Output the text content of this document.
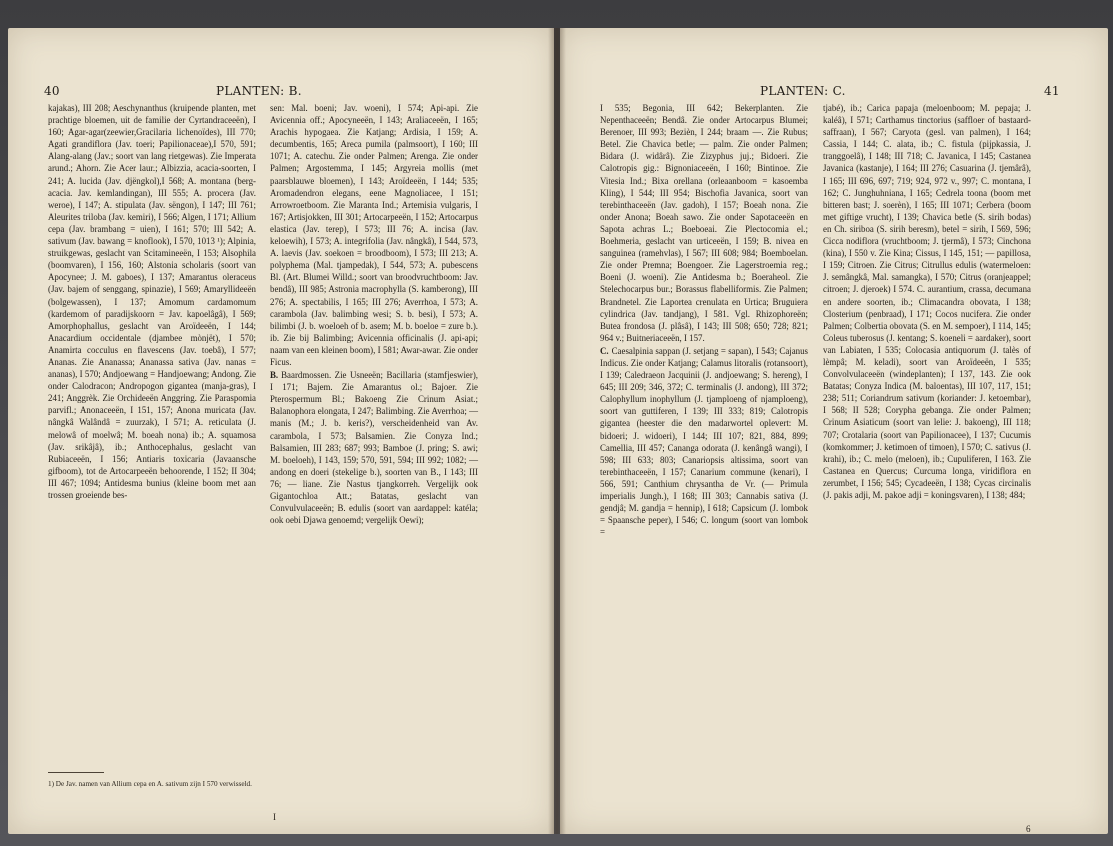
40	PLANTEN: B.

kajakas), III 208; Aeschynanthus (kruipende planten, met prachtige bloemen, uit de familie der Cyrtandraceeën), I 160; Agar-agar(zeewier,Gracilaria lichenoïdes), III 770; Agati grandiflora (Jav. toeri; Papilionaceae),I 570, 591; Alang-alang (Jav.; soort van lang rietgewas). Zie Imperata arund.; Ahorn. Zie Acer laur.; Albizzia, acacia-soorten, I 241; A. lucida (Jav. djëngkol),I 568; A. montana (berg-acacia. Jav. kemlandingan), III 555; A. procera (Jav. weroe), I 147; A. stipulata (Jav. sëngon), I 147; III 761; Aleurites triloba (Jav. kemiri), I 566; Algen, I 171; Allium cepa (Jav. brambang = uien), I 161; 570; III 542; A. sativum (Jav. bawang = knoflook), I 570, 1013 ¹); Alpinia, struikgewas, geslacht van Scitamineeën, I 153; Alsophila (boomvaren), I 156, 160; Alstonia scholaris (soort van Apocynee; J. M. gaboes), I 137; Amarantus oleraceus (Jav. bajem of senggang, spinazie), I 569; Amaryllideeën (bolgewassen), I 137; Amomum cardamomum (kardemom of paradijskoorn = Jav. kapoelâgâ), I 569; Amorphophallus, geslacht van Aroïdeeën, I 144; Anacardium occidentale (djambee mònjët), I 570; Anamirta cocculus en flavescens (Jav. toebâ), I 577; Ananas. Zie Ananassa; Ananassa sativa (Jav. nanas = ananas), I 570; Andjoewang = Handjoewang; Andong. Zie onder Calodracon; Andropogon gigantea (manja-gras), I 241; Anggrèk. Zie Orchideeën Anggring. Zie Paraspomia parvifl.; Anonaceeën, I 151, 157; Anona muricata (Jav. nângkâ Walândâ = zuurzak), I 571; A. reticulata (J. melowâ of moelwâ; M. boeah nona) ib.; A. squamosa (Jav. srikâjâ), ib.; Anthocephalus, geslacht van Rubiaceeën, I 156; Antiaris toxicaria (Javaansche gifboom), tot de Artocarpeeën behoorende, I 152; II 304; III 467; 1094; Antidesma bunius (kleine boom met aan trossen groeiende bes-

1) De Jav. namen van Allium cepa en A. sativum zijn I 570 verwisseld.

sen: Mal. boeni; Jav. woeni), I 574; Api-api. Zie Avicennia off.; Apocyneeën, I 143; Araliaceeën, I 165; Arachis hypogaea. Zie Katjang; Ardisia, I 159; A. decumbentis, 165; Areca pumila (palmsoort), I 160; III 1071; A. catechu. Zie onder Palmen; Arenga. Zie onder Palmen; Argostemma, I 145; Argyreia mollis (met paarsblauwe bloemen), I 143; Aroïdeeën, I 144; 535; Aromadendron elegans, eene Magnoliacee, I 151; Arrowroetboom. Zie Maranta Ind.; Artemisia vulgaris, I 167; Artisjokken, III 301; Artocarpeeën, I 152; Artocarpus elastica (Jav. terep), I 573; III 76; A. incisa (Jav. keloewih), I 573; A. integrifolia (Jav. nângkâ), I 544, 573, A. laevis (Jav. soekoen = broodboom), I 573; III 213; A. polyphema (Mal. tjampedak), I 544, 573; A. pubescens Bl. (Art. Blumei Willd.; soort van broodvruchtboom: Jav. bendâ), III 985; Astronia macrophylla (S. kamberong), III 276; A. spectabilis, I 165; III 276; Averrhoa, I 573; A. carambola (Jav. balimbing wesi; S. b. besi), I 573; A. bilimbi (J. b. woeloeh of b. asem; M. b. boeloe = zure b.). ib. Zie bij Balimbing; Avicennia officinalis (J. api-api; naam van een kleinen boom), I 581; Awar-awar. Zie onder Ficus.

B. Baardmossen. Zie Usneeën; Bacillaria (stamfjeswier), I 171; Bajem. Zie Amarantus ol.; Bajoer. Zie Pterospermum Bl.; Bakoeng Zie Crinum Asiat.; Balanophora elongata, I 247; Balimbing. Zie Averrhoa; — manis (M.; J. b. keris?), verscheidenheid van Av. carambola, I 573; Balsamien. Zie Conyza Ind.; Balsamien, III 283; 687; 993; Bamboe (J. pring; S. awi; M. boeloeh), I 143, 159; 570, 591, 594; III 992; 1082; — andong en doeri (stekelige b.), soorten van B., I 143; III 76; — liane. Zie Nastus tjangkorreh. Vergelijk ook Gigantochloa Att.; Batatas, geslacht van Convulvulaceeën; B. edulis (soort van aardappel: katéla; ook oebi Djawa genoemd; vergelijk Oewi);

I
PLANTEN: C.	41

I 535; Begonia, III 642; Bekerplanten. Zie Nepenthaceeën; Bendâ. Zie onder Artocarpus Blumei; Berenoer, III 993; Bezièn, I 244; braam —. Zie Rubus; Betel. Zie Chavica betle; — palm. Zie onder Palmen; Bidara (J. widârâ). Zie Zizyphus juj.; Bidoeri. Zie Calotropis gig.: Bignoniaceeën, I 160; Bintinoe. Zie Vitesia Ind.; Bixa orellana (orleaanboom = kasoemba Kling), I 544; III 954; Bischofia Javanica, soort van terebinthaceeën (Jav. gadoh), I 157; Boeah nona. Zie onder Anona; Boeah sawo. Zie onder Sapotaceeën en Sapota achras L.; Boeboeai. Zie Plectocomia el.; Boehmeria, geslacht van urticeeën, I 159; B. nivea en sanguinea (ramehvlas), I 567; III 608; 984; Boemboelan. Zie onder Premna; Boengoer. Zie Lagerstroemia reg.; Boeni (J. woeni). Zie Antidesma b.; Boeraheol. Zie Stelechocarpus bur.; Borassus flabelliformis. Zie Palmen; Brandnetel. Zie Laportea crenulata en Urtica; Bruguiera cylindrica (Jav. tandjang), I 581. Vgl. Rhizophoreën; Butea frondosa (J. plâsâ), I 143; III 508; 650; 728; 821; 964 v.; Buitneriaceeën, I 157.

C. Caesalpinia sappan (J. setjang = sapan), I 543; Cajanus Indicus. Zie onder Katjang; Calamus litoralis (rotansoort), I 139; Caledraeon Jacquinii (J. andjoewang; S. hereng), I 645; III 209; 346, 372; C. terminalis (J. andong), III 372; Calophyllum inophyllum (J. tjamploeng of njamploeng), soort van guttiferen, I 139; III 333; 819; Calotropis gigantea (heester die den madarwortel oplevert: M. bidoeri; J. widoeri), I 144; III 107; 821, 884, 899; Camellia, III 457; Cananga odorata (J. kenângâ wangi), I 598; III 633; 803; Canariopsis altissima, soort van terebinthaceeën, I 157; Canarium commune (kenari), I 566, 591; Canthium chrysantha de Vr. (— Primula imperialis Jungh.), I 168; III 303; Cannabis sativa (J. gendjâ; M. gandja = hennip), I 618; Capsicum (J. lombok = Spaansche peper), I 546; C. longum (soort van lombok =

tjabé), ib.; Carica papaja (meloenboom; M. pepaja; J. kaléâ), I 571; Carthamus tinctorius (saffloer of bastaard-saffraan), I 567; Caryota (gesl. van palmen), I 164; Cassia, I 144; C. alata, ib.; C. fistula (pijpkassia, J. tranggoelâ), I 148; III 718; C. Javanica, I 145; Castanea Javanica (kastanje), I 164; III 276; Casuarina (J. tjemârâ), I 165; III 696, 697; 719; 924, 972 v., 997; C. montana, I 162; C. Junghuhniana, I 165; Cedrela toona (boom met bitteren bast; J. soerèn), I 165; III 1071; Cerbera (boom met giftige vrucht), I 139; Chavica betle (S. sirih bodas) en Ch. siriboa (S. sirih beresm), betel = sirih, I 569, 596; Cicca nodiflora (vruchtboom; J. tjermâ), I 573; Cinchona (kina), I 550 v. Zie Kina; Cissus, I 145, 151; — papillosa, I 159; Citroen. Zie Citrus; Citrullus edulis (watermeloen: J. semângkâ, Mal. samangka), I 570; Citrus (oranjeappel; citroen; J. djeroek) I 574. C. aurantium, crassa, decumana en andere soorten, ib.; Climacandra obovata, I 138; Closterium (penbraad), I 171; Cocos nucifera. Zie onder Palmen; Colbertia obovata (S. en M. sempoer), I 114, 145; Coleus tuberosus (J. kentang; S. koeneli = aardaker), soort van Labiaten, I 535; Colocasia antiquorum (J. talès of lèmpâ; M. keladi), soort van Aroïdeeën, I 535; Convolvulaceeën (windeplanten); I 137, 143. Zie ook Batatas; Conyza Indica (M. baloentas), III 107, 117, 151; 238; 511; Coriandrum sativum (koriander: J. ketoembar), I 568; II 528; Corypha gebanga. Zie onder Palmen; Crinum Asiaticum (soort van lelie: J. bakoeng), III 118; 707; Crotalaria (soort van Papilionacee), I 137; Cucumis (komkommer; J. ketimoen of timoen), I 570; C. sativus (J. krahi), ib.; C. melo (meloen), ib.; Cupuliferen, I 163. Zie Castanea en Quercus; Curcuma longa, viridiflora en zerumbet, I 156; 545; Cycadeeën, I 138; Cycas circinalis (J. pakis adji, M. pakoe adji = koningsvaren), I 138; 484;

6
